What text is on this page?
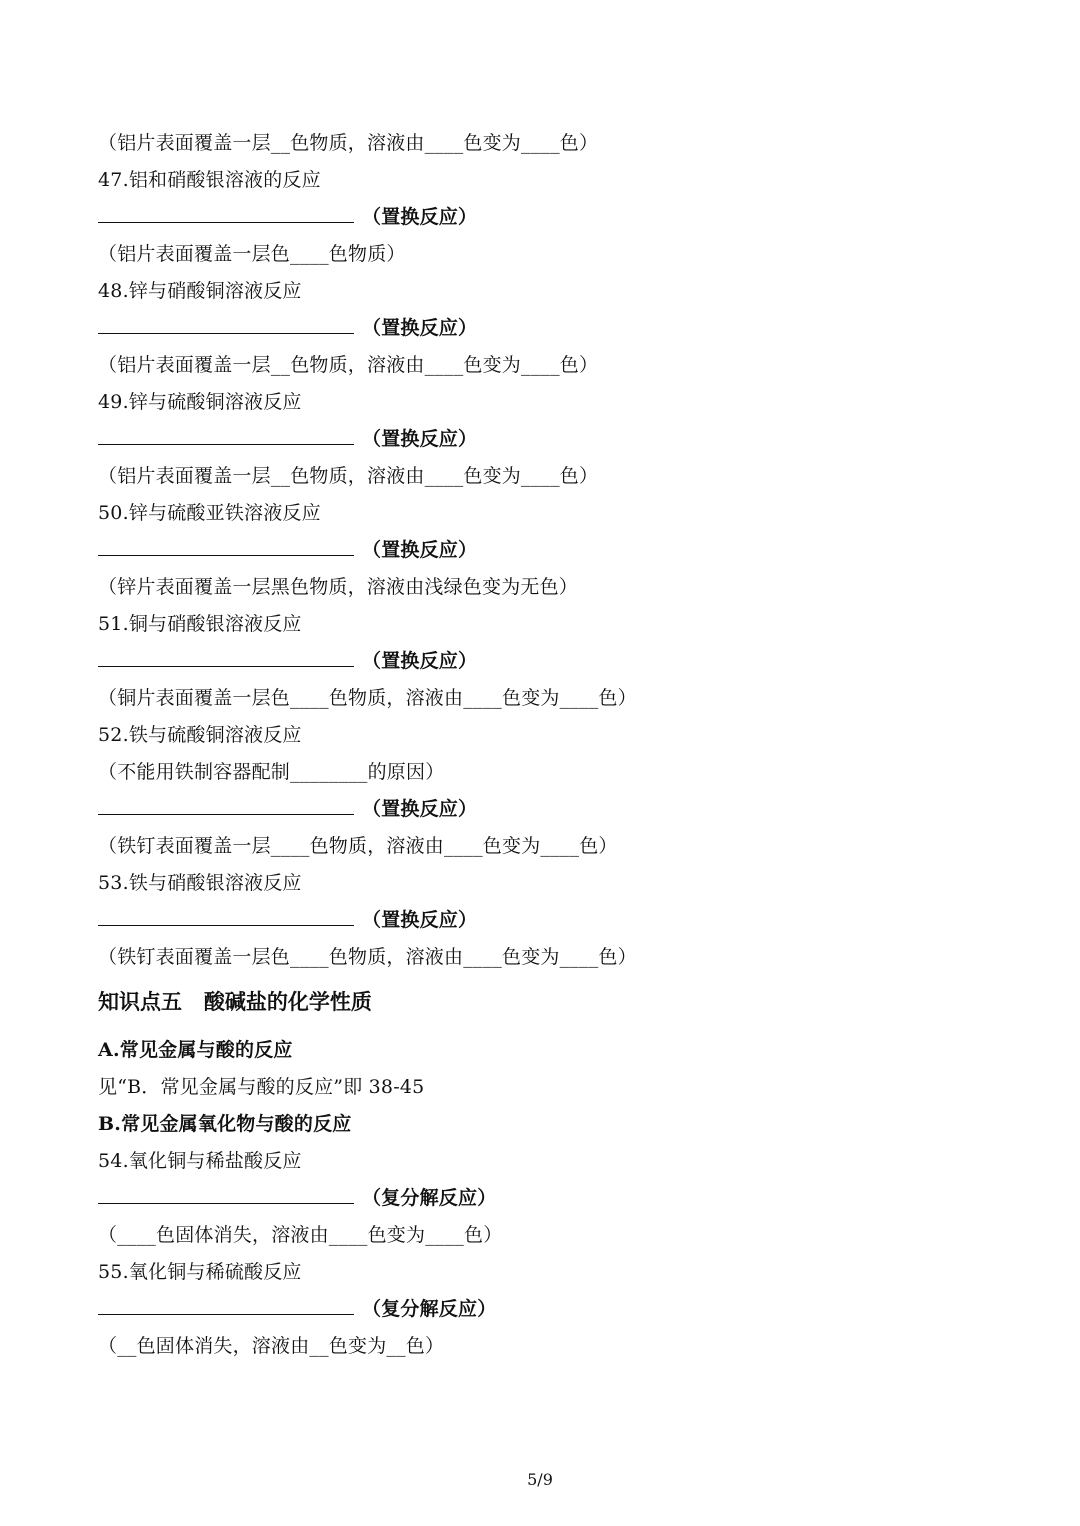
（铝片表面覆盖一层__色物质，溶液由____色变为____色）
47.铝和硝酸银溶液的反应
（置换反应）
（铝片表面覆盖一层色____色物质）
48.锌与硝酸铜溶液反应
（置换反应）
（铝片表面覆盖一层__色物质，溶液由____色变为____色）
49.锌与硫酸铜溶液反应
（置换反应）
（铝片表面覆盖一层__色物质，溶液由____色变为____色）
50.锌与硫酸亚铁溶液反应
（置换反应）
（锌片表面覆盖一层黑色物质，溶液由浅绿色变为无色）
51.铜与硝酸银溶液反应
（置换反应）
（铜片表面覆盖一层色____色物质，溶液由____色变为____色）
52.铁与硫酸铜溶液反应
（不能用铁制容器配制________的原因）
（置换反应）
（铁钉表面覆盖一层____色物质，溶液由____色变为____色）
53.铁与硝酸银溶液反应
（置换反应）
（铁钉表面覆盖一层色____色物质，溶液由____色变为____色）
知识点五   酸碱盐的化学性质
A.常见金属与酸的反应
见“B．常见金属与酸的反应”即 38-45
B.常见金属氧化物与酸的反应
54.氧化铜与稀盐酸反应
（复分解反应）
（____色固体消失，溶液由____色变为____色）
55.氧化铜与稀硫酸反应
（复分解反应）
（__色固体消失，溶液由__色变为__色）
5/9
